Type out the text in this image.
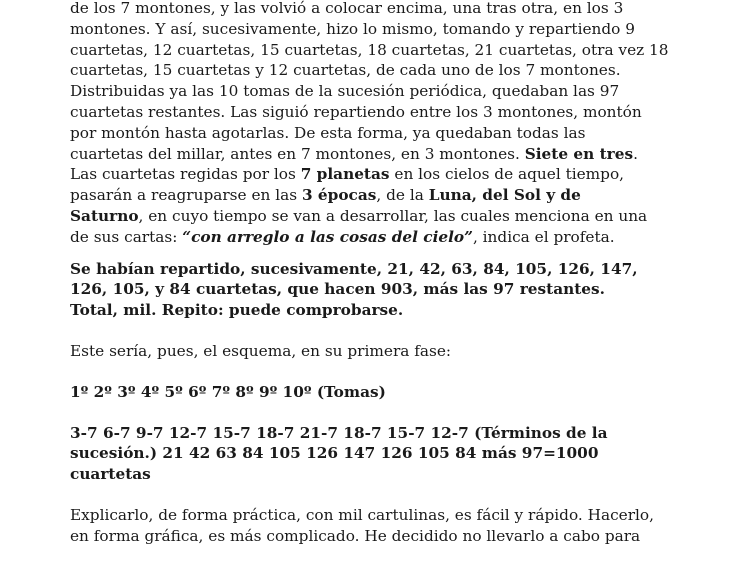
de los 7 montones, y las volvió a colocar encima, una tras otra, en los 3
montones. Y así, sucesivamente, hizo lo mismo, tomando y repartiendo 9
cuartetas, 12 cuartetas, 15 cuartetas, 18 cuartetas, 21 cuartetas, otra vez 18
cuartetas, 15 cuartetas y 12 cuartetas, de cada uno de los 7 montones.
Distribuidas ya las 10 tomas de la sucesión periódica, quedaban las 97
cuartetas restantes. Las siguió repartiendo entre los 3 montones, montón
por montón hasta agotarlas. De esta forma, ya quedaban todas las
cuartetas del millar, antes en 7 montones, en 3 montones. Siete en tres.
Las cuartetas regidas por los 7 planetas en los cielos de aquel tiempo,
pasarán a reagruparse en las 3 épocas, de la Luna, del Sol y de
Saturno, en cuyo tiempo se van a desarrollar, las cuales menciona en una
de sus cartas: “con arreglo a las cosas del cielo”, indica el profeta.

Se habían repartido, sucesivamente, 21, 42, 63, 84, 105, 126, 147,
126, 105, y 84 cuartetas, que hacen 903, más las 97 restantes.
Total, mil. Repito: puede comprobarse.

Este sería, pues, el esquema, en su primera fase:

1º 2º 3º 4º 5º 6º 7º 8º 9º 10º (Tomas)

3-7 6-7 9-7 12-7 15-7 18-7 21-7 18-7 15-7 12-7 (Términos de la
sucesión.) 21 42 63 84 105 126 147 126 105 84 más 97=1000
cuartetas

Explicarlo, de forma práctica, con mil cartulinas, es fácil y rápido. Hacerlo,
en forma gráfica, es más complicado. He decidido no llevarlo a cabo para
